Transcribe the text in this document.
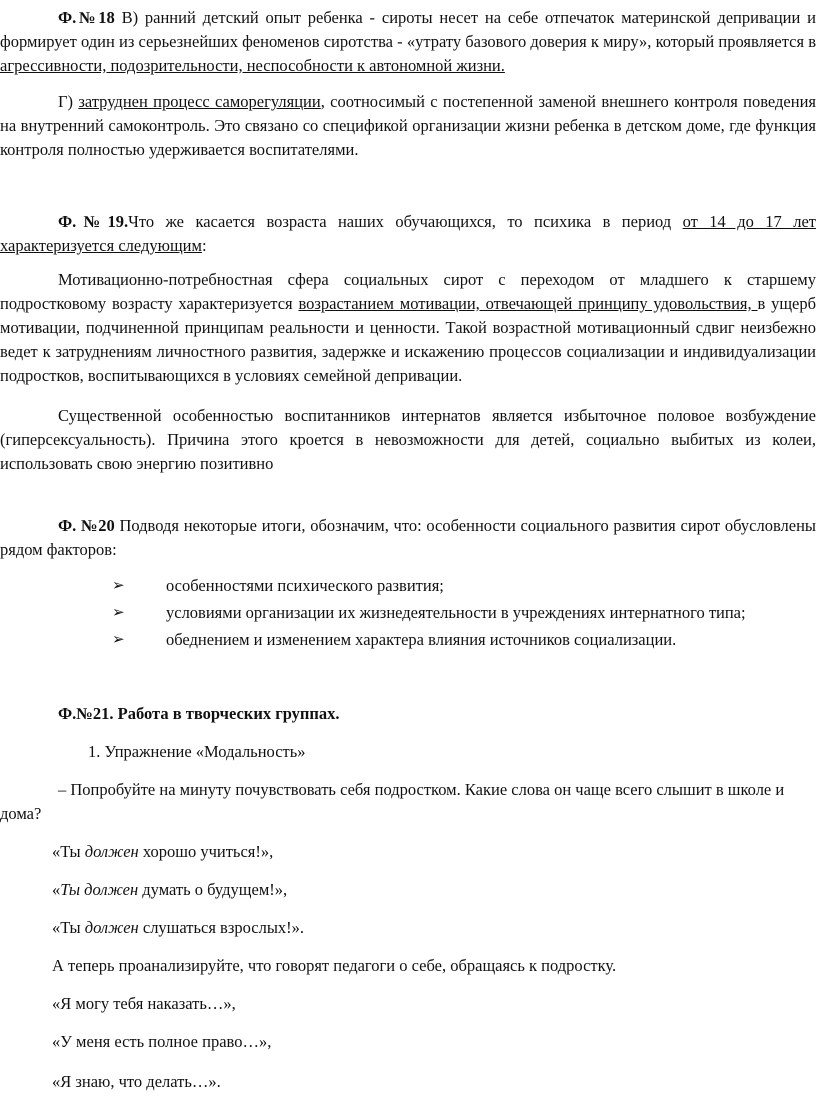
Ф.№18 В) ранний детский опыт ребенка - сироты несет на себе отпечаток материнской депривации и формирует один из серьезнейших феноменов сиротства - «утрату базового доверия к миру», который проявляется в агрессивности, подозрительности, неспособности к автономной жизни.

Г) затруднен процесс саморегуляции, соотносимый с постепенной заменой внешнего контроля поведения на внутренний самоконтроль. Это связано со спецификой организации жизни ребенка в детском доме, где функция контроля полностью удерживается воспитателями.

Ф.№19.Что же касается возраста наших обучающихся, то психика в период от 14 до 17 лет характеризуется следующим:

Мотивационно-потребностная сфера социальных сирот с переходом от младшего к старшему подростковому возрасту характеризуется возрастанием мотивации, отвечающей принципу удовольствия, в ущерб мотивации, подчиненной принципам реальности и ценности. Такой возрастной мотивационный сдвиг неизбежно ведет к затруднениям личностного развития, задержке и искажению процессов социализации и индивидуализации подростков, воспитывающихся в условиях семейной депривации.

Существенной особенностью воспитанников интернатов является избыточное половое возбуждение (гиперсексуальность). Причина этого кроется в невозможности для детей, социально выбитых из колеи, использовать свою энергию позитивно

Ф. №20 Подводя некоторые итоги, обозначим, что: особенности социального развития сирот обусловлены рядом факторов:

➢	особенностями психического развития;
➢	условиями организации их жизнедеятельности в учреждениях интернатного типа;
➢	обеднением и изменением характера влияния источников социализации.

Ф.№21. Работа в творческих группах.

1. Упражнение «Модальность»

– Попробуйте на минуту почувствовать себя подростком. Какие слова он чаще всего слышит в школе и дома?

«Ты должен хорошо учиться!»,

«Ты должен думать о будущем!»,

«Ты должен слушаться взрослых!».

А теперь проанализируйте, что говорят педагоги о себе, обращаясь к подростку.

«Я могу тебя наказать…»,

«У меня есть полное право…»,

«Я знаю, что делать…».
